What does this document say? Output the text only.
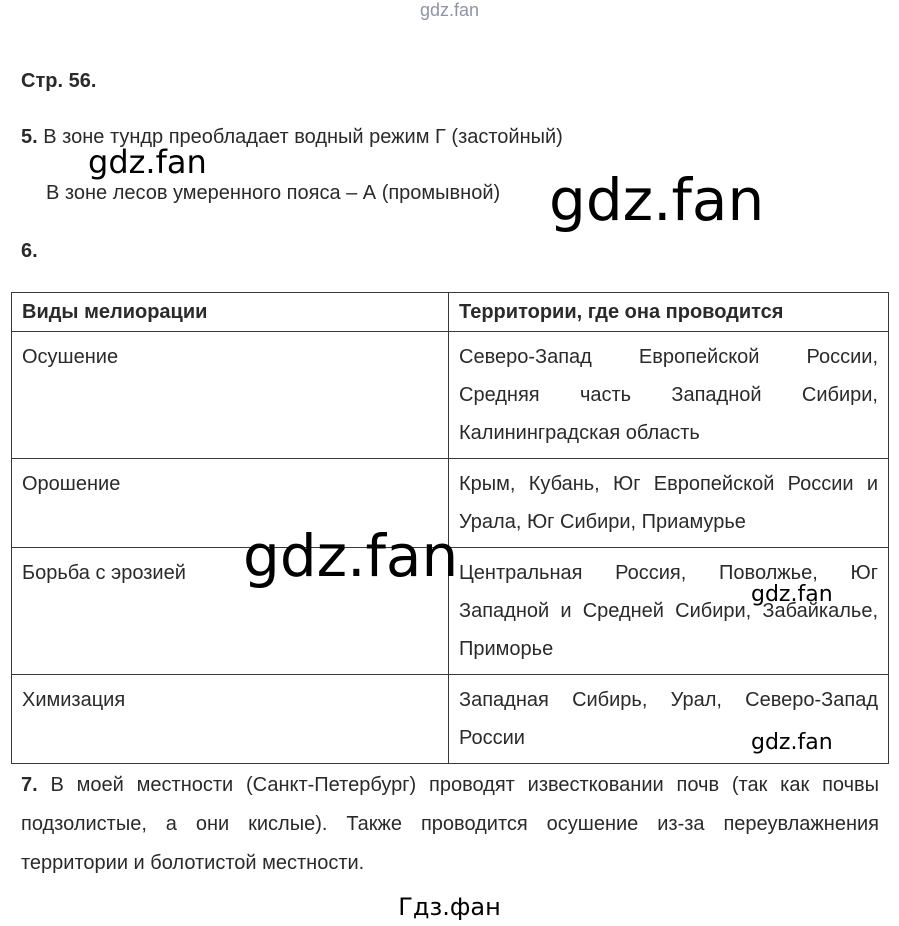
gdz.fan
Стр. 56.
5. В зоне тундр преобладает водный режим Г (застойный)
В зоне лесов умеренного пояса – А (промывной)
gdz.fan
gdz.fan
6.
Виды мелиорации	Территории, где она проводится
Осушение	Северо-Запад Европейской России, Средняя часть Западной Сибири, Калининградская область
Орошение	Крым, Кубань, Юг Европейской России и Урала, Юг Сибири, Приамурье
Борьба с эрозией	Центральная Россия, Поволжье, Юг Западной и Средней Сибири, Забайкалье, Приморье
Химизация	Западная Сибирь, Урал, Северо-Запад России
gdz.fan
gdz.fan
gdz.fan
7. В моей местности (Санкт-Петербург) проводят известковании почв (так как почвы подзолистые, а они кислые). Также проводится осушение из-за переувлажнения территории и болотистой местности.
Гдз.фан
